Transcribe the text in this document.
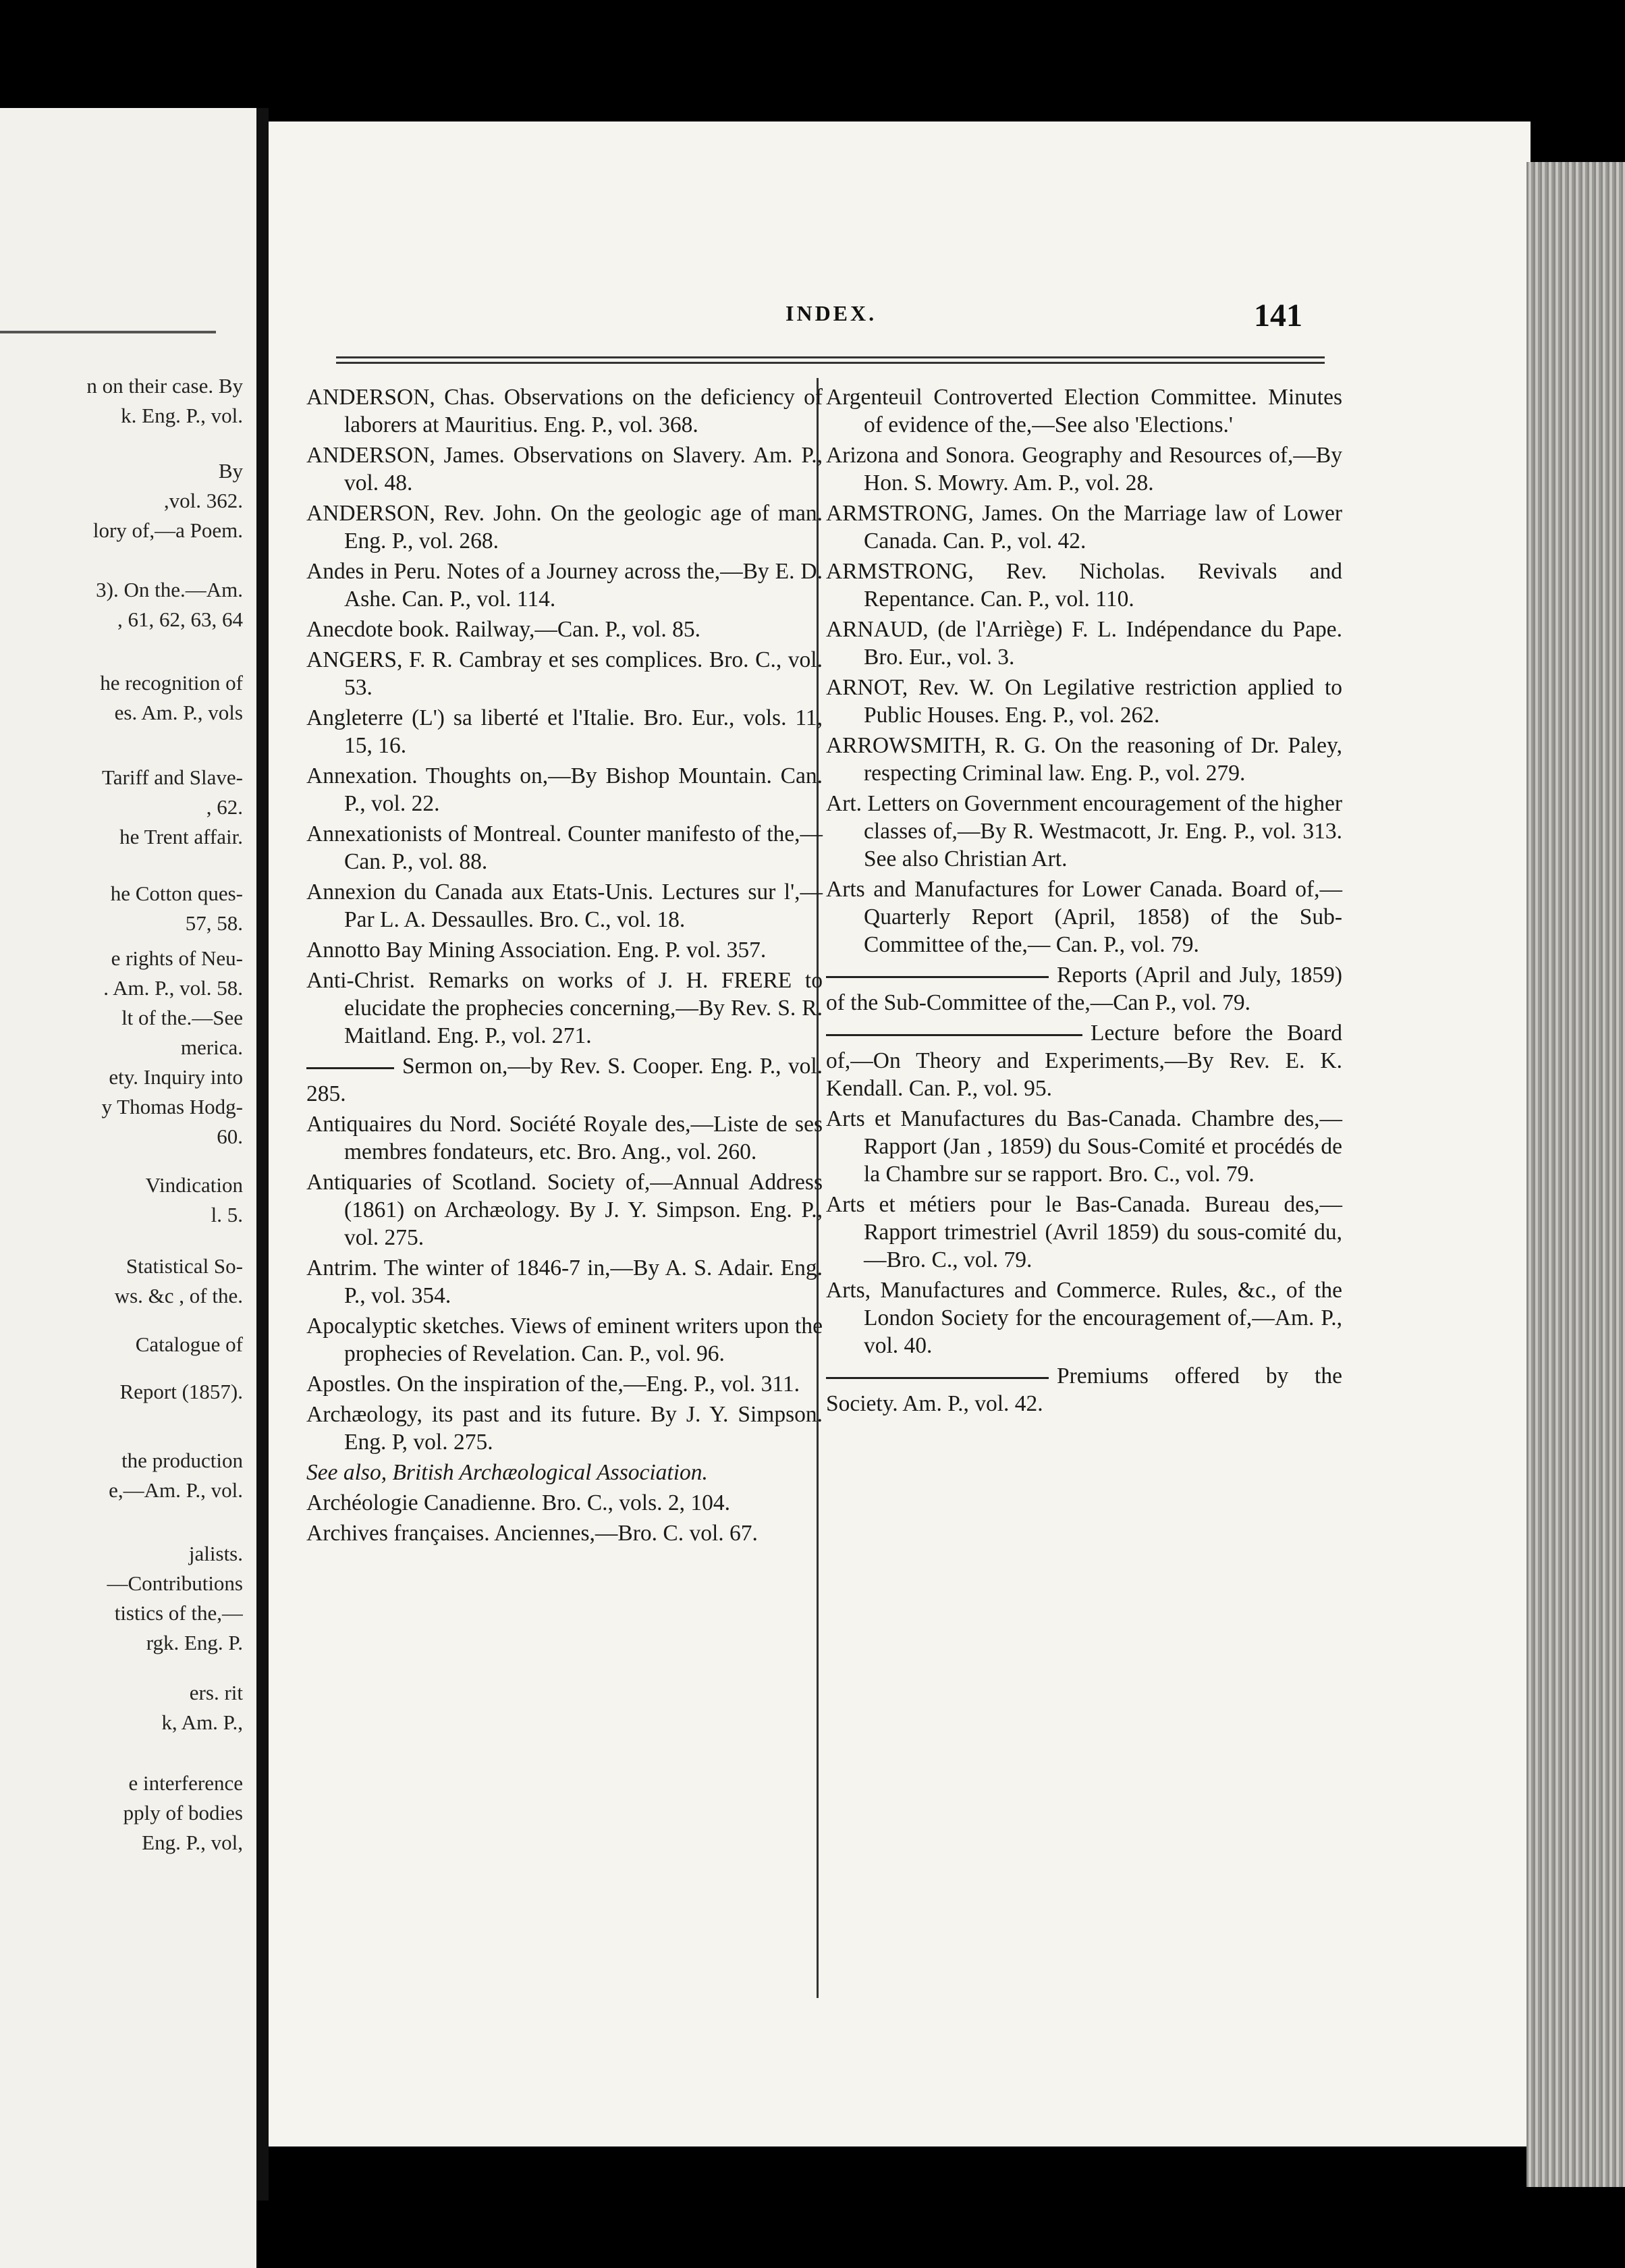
n on their case. By
k. Eng. P., vol.
By
,vol. 362.
lory of,—a Poem.
3). On the.—Am.
, 61, 62, 63, 64
he recognition of
es. Am. P., vols
Tariff and Slave-
, 62.
he Trent affair.
he Cotton ques-
57, 58.
e rights of Neu-
. Am. P., vol. 58.
lt of the.—See
merica.
ety. Inquiry into
y Thomas Hodg-
60.
Vindication
l. 5.
Statistical So-
ws. &c , of the.
Catalogue of
Report (1857).
the production
e,—Am. P., vol.
jalists.
—Contributions
tistics of the,—
rgk. Eng. P.
ers. rit
k, Am. P.,
e interference
pply of bodies
Eng. P., vol,
INDEX.	141
ANDERSON, Chas. Observations on the deficiency of laborers at Mauritius. Eng. P., vol. 368.
ANDERSON, James. Observations on Slavery. Am. P., vol. 48.
ANDERSON, Rev. John. On the geologic age of man. Eng. P., vol. 268.
Andes in Peru. Notes of a Journey across the,—By E. D. Ashe. Can. P., vol. 114.
Anecdote book. Railway,—Can. P., vol. 85.
ANGERS, F. R. Cambray et ses complices. Bro. C., vol. 53.
Angleterre (L') sa liberté et l'Italie. Bro. Eur., vols. 11, 15, 16.
Annexation. Thoughts on,—By Bishop Mountain. Can. P., vol. 22.
Annexationists of Montreal. Counter manifesto of the,—Can. P., vol. 88.
Annexion du Canada aux Etats-Unis. Lectures sur l',—Par L. A. Dessaulles. Bro. C., vol. 18.
Annotto Bay Mining Association. Eng. P. vol. 357.
Anti-Christ. Remarks on works of J. H. FRERE to elucidate the prophecies concerning,—By Rev. S. R. Maitland. Eng. P., vol. 271.
Sermon on,—by Rev. S. Cooper. Eng. P., vol. 285.
Antiquaires du Nord. Société Royale des,—Liste de ses membres fondateurs, etc. Bro. Ang., vol. 260.
Antiquaries of Scotland. Society of,—Annual Address (1861) on Archæology. By J. Y. Simpson. Eng. P., vol. 275.
Antrim. The winter of 1846-7 in,—By A. S. Adair. Eng. P., vol. 354.
Apocalyptic sketches. Views of eminent writers upon the prophecies of Revelation. Can. P., vol. 96.
Apostles. On the inspiration of the,—Eng. P., vol. 311.
Archæology, its past and its future. By J. Y. Simpson. Eng. P, vol. 275.
See also, British Archæological Association.
Archéologie Canadienne. Bro. C., vols. 2, 104.
Archives françaises. Anciennes,—Bro. C. vol. 67.
Argenteuil Controverted Election Committee. Minutes of evidence of the,—See also 'Elections.'
Arizona and Sonora. Geography and Resources of,—By Hon. S. Mowry. Am. P., vol. 28.
ARMSTRONG, James. On the Marriage law of Lower Canada. Can. P., vol. 42.
ARMSTRONG, Rev. Nicholas. Revivals and Repentance. Can. P., vol. 110.
ARNAUD, (de l'Arriège) F. L. Indépendance du Pape. Bro. Eur., vol. 3.
ARNOT, Rev. W. On Legilative restriction applied to Public Houses. Eng. P., vol. 262.
ARROWSMITH, R. G. On the reasoning of Dr. Paley, respecting Criminal law. Eng. P., vol. 279.
Art. Letters on Government encouragement of the higher classes of,—By R. Westmacott, Jr. Eng. P., vol. 313. See also Christian Art.
Arts and Manufactures for Lower Canada. Board of,— Quarterly Report (April, 1858) of the Sub-Committee of the,— Can. P., vol. 79.
Reports (April and July, 1859) of the Sub-Committee of the,—Can P., vol. 79.
Lecture before the Board of,—On Theory and Experiments,—By Rev. E. K. Kendall. Can. P., vol. 95.
Arts et Manufactures du Bas-Canada. Chambre des,—Rapport (Jan , 1859) du Sous-Comité et procédés de la Chambre sur se rapport. Bro. C., vol. 79.
Arts et métiers pour le Bas-Canada. Bureau des,—Rapport trimestriel (Avril 1859) du sous-comité du,—Bro. C., vol. 79.
Arts, Manufactures and Commerce. Rules, &c., of the London Society for the encouragement of,—Am. P., vol. 40.
Premiums offered by the Society. Am. P., vol. 42.
